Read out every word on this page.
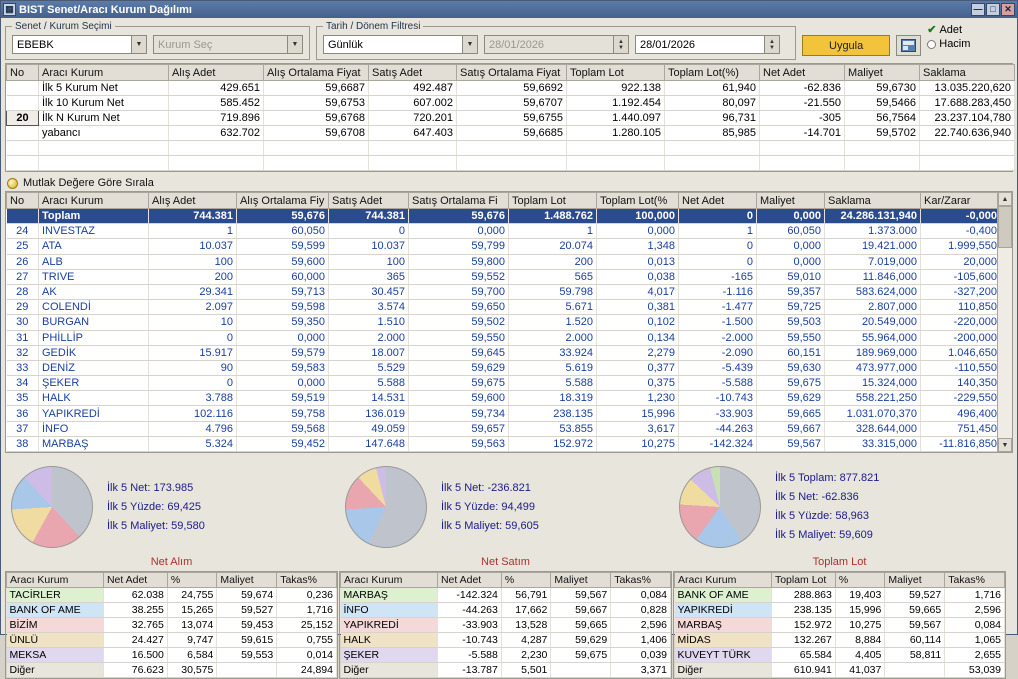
▦ BIST Senet/Aracı Kurum Dağılımı	— □ ✕
Senet / Kurum Seçimi
EBEBK	▼	Kurum Seç	▼
Tarih / Dönem Filtresi
Günlük	▼	28/01/2026	▲
▼ 28/01/2026	▲
▼	Uygula
✔ Adet
Hacim
No	Aracı Kurum	Alış Adet	Alış Ortalama Fiyat	Satış Adet	Satış Ortalama Fiyat	Toplam Lot	Toplam Lot(%)	Net Adet	Maliyet	Saklama
	İlk 5 Kurum Net	429.651	59,6687	492.487	59,6692	922.138	61,940	-62.836	59,6730	13.035.220,620
	İlk 10 Kurum Net	585.452	59,6753	607.002	59,6707	1.192.454	80,097	-21.550	59,5466	17.688.283,450
20	İlk N Kurum Net	719.896	59,6768	720.201	59,6755	1.440.097	96,731	-305	56,7564	23.237.104,780
	yabancı	632.702	59,6708	647.403	59,6685	1.280.105	85,985	-14.701	59,5702	22.740.636,940

Mutlak Değere Göre Sırala
No	Aracı Kurum	Alış Adet	Alış Ortalama Fiy	Satış Adet	Satış Ortalama Fi	Toplam Lot	Toplam Lot(%	Net Adet	Maliyet	Saklama	Kar/Zarar
	Toplam	744.381	59,676	744.381	59,676	1.488.762	100,000	0	0,000	24.286.131,940	-0,000
24	INVESTAZ	1	60,050	0	0,000	1	0,000	1	60,050	1.373.000	-0,400
25	ATA	10.037	59,599	10.037	59,799	20.074	1,348	0	0,000	19.421.000	1.999,550
26	ALB	100	59,600	100	59,800	200	0,013	0	0,000	7.019,000	20,000
27	TRIVE	200	60,000	365	59,552	565	0,038	-165	59,010	11.846,000	-105,600
28	AK	29.341	59,713	30.457	59,700	59.798	4,017	-1.116	59,357	583.624,000	-327,200
29	COLENDİ	2.097	59,598	3.574	59,650	5.671	0,381	-1.477	59,725	2.807,000	110,850
30	BURGAN	10	59,350	1.510	59,502	1.520	0,102	-1.500	59,503	20.549,000	-220,000
31	PHİLLİP	0	0,000	2.000	59,550	2.000	0,134	-2.000	59,550	55.964,000	-200,000
32	GEDİK	15.917	59,579	18.007	59,645	33.924	2,279	-2.090	60,151	189.969,000	1.046,650
33	DENİZ	90	59,583	5.529	59,629	5.619	0,377	-5.439	59,630	473.977,000	-110,550
34	ŞEKER	0	0,000	5.588	59,675	5.588	0,375	-5.588	59,675	15.324,000	140,350
35	HALK	3.788	59,519	14.531	59,600	18.319	1,230	-10.743	59,629	558.221,250	-229,550
36	YAPIKREDİ	102.116	59,758	136.019	59,734	238.135	15,996	-33.903	59,665	1.031.070,370	496,400
37	İNFO	4.796	59,568	49.059	59,657	53.855	3,617	-44.263	59,667	328.644,000	751,450
38	MARBAŞ	5.324	59,452	147.648	59,563	152.972	10,275	-142.324	59,567	33.315,000	-11.816,850
▲
▼
İlk 5 Net: 173.985
İlk 5 Yüzde: 69,425
İlk 5 Maliyet: 59,580
Net Alım
Aracı Kurum	Net Adet	%	Maliyet	Takas%
TACİRLER	62.038	24,755	59,674	0,236
BANK OF AME	38.255	15,265	59,527	1,716
BİZİM	32.765	13,074	59,453	25,152
ÜNLÜ	24.427	9,747	59,615	0,755
MEKSA	16.500	6,584	59,553	0,014
Diğer	76.623	30,575		24,894
İlk 5 Net: -236.821
İlk 5 Yüzde: 94,499
İlk 5 Maliyet: 59,605
Net Satım
Aracı Kurum	Net Adet	%	Maliyet	Takas%
MARBAŞ	-142.324	56,791	59,567	0,084
İNFO	-44.263	17,662	59,667	0,828
YAPIKREDİ	-33.903	13,528	59,665	2,596
HALK	-10.743	4,287	59,629	1,406
ŞEKER	-5.588	2,230	59,675	0,039
Diğer	-13.787	5,501		3,371
İlk 5 Toplam: 877.821
İlk 5 Net: -62.836
İlk 5 Yüzde: 58,963
İlk 5 Maliyet: 59,609
Toplam Lot
Aracı Kurum	Toplam Lot	%	Maliyet	Takas%
BANK OF AME	288.863	19,403	59,527	1,716
YAPIKREDİ	238.135	15,996	59,665	2,596
MARBAŞ	152.972	10,275	59,567	0,084
MİDAS	132.267	8,884	60,114	1,065
KUVEYT TÜRK	65.584	4,405	58,811	2,655
Diğer	610.941	41,037		53,039
